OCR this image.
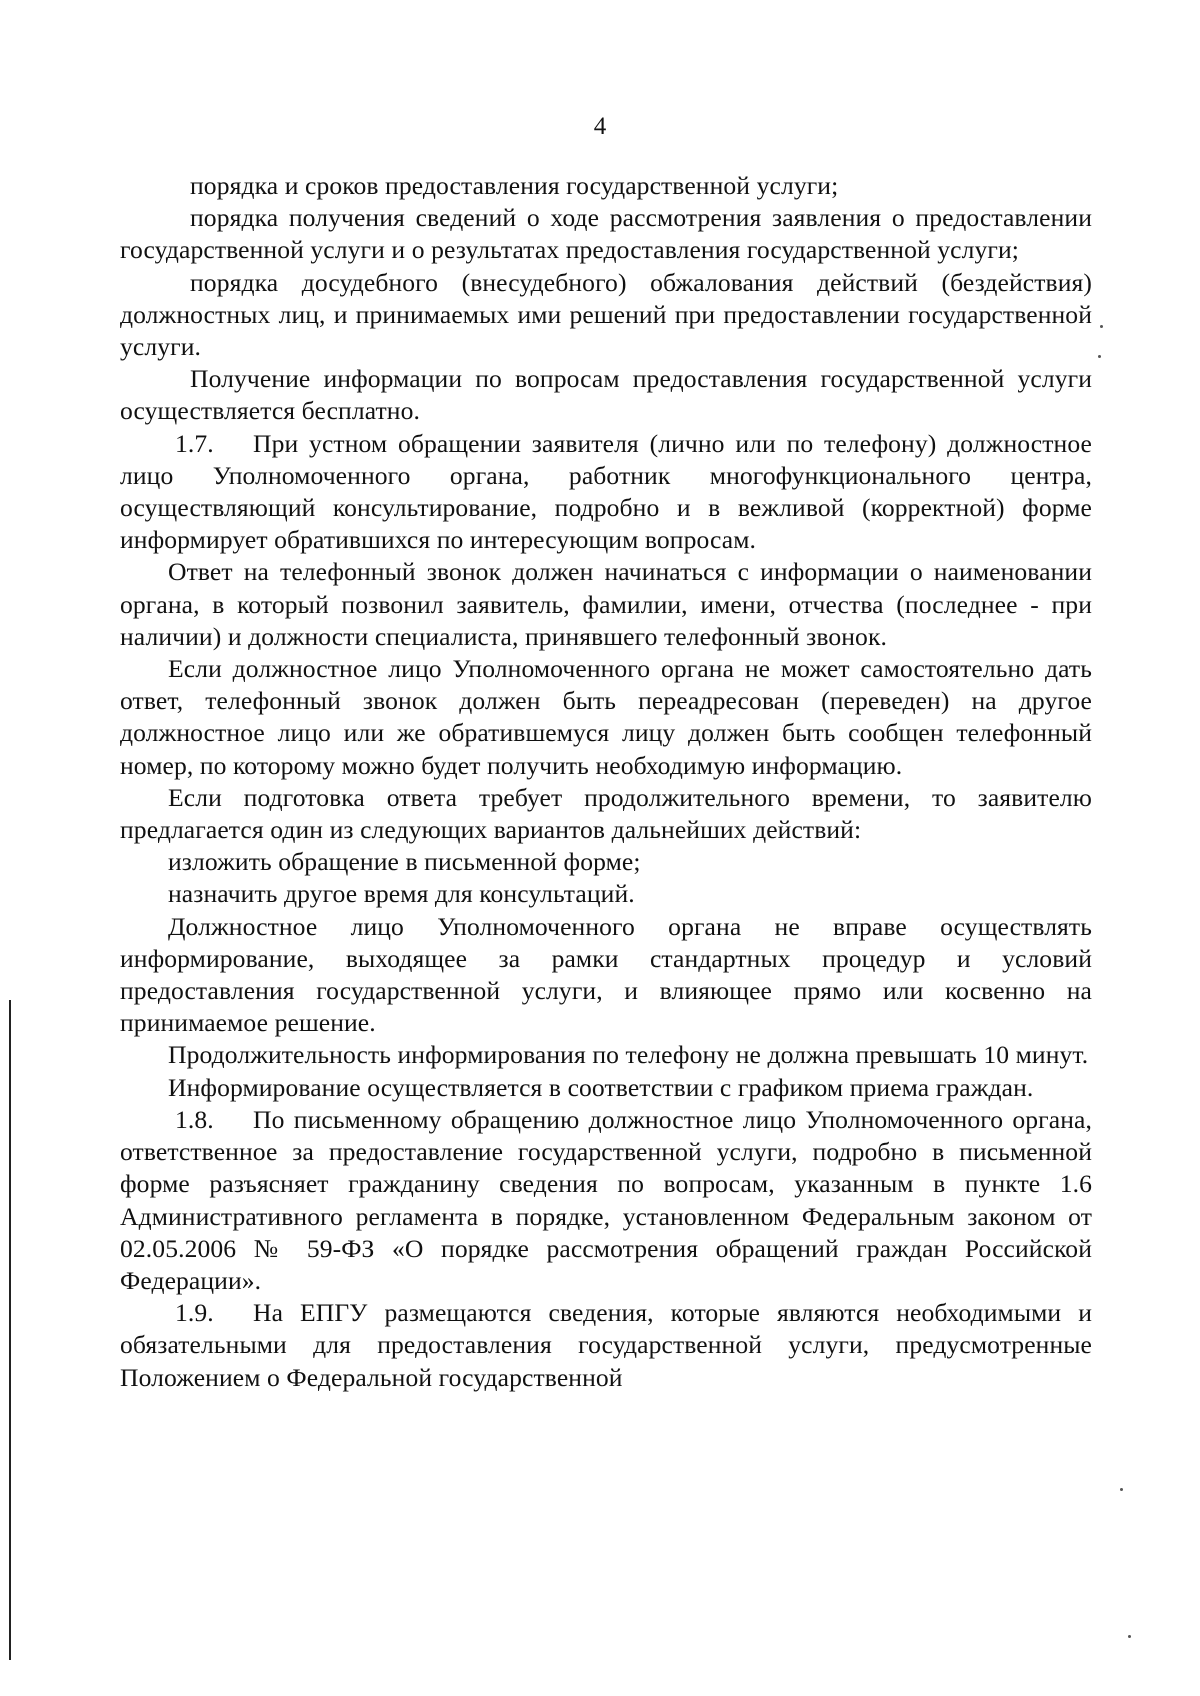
4

порядка и сроков предоставления государственной услуги;

порядка получения сведений о ходе рассмотрения заявления о предоставлении государственной услуги и о результатах предоставления государственной услуги;

порядка досудебного (внесудебного) обжалования действий (бездействия) должностных лиц, и принимаемых ими решений при предоставлении государственной услуги.

Получение информации по вопросам предоставления государственной услуги осуществляется бесплатно.

1.7. При устном обращении заявителя (лично или по телефону) должностное лицо Уполномоченного органа, работник многофункционального центра, осуществляющий консультирование, подробно и в вежливой (корректной) форме информирует обратившихся по интересующим вопросам.

Ответ на телефонный звонок должен начинаться с информации о наименовании органа, в который позвонил заявитель, фамилии, имени, отчества (последнее - при наличии) и должности специалиста, принявшего телефонный звонок.

Если должностное лицо Уполномоченного органа не может самостоятельно дать ответ, телефонный звонок должен быть переадресован (переведен) на другое должностное лицо или же обратившемуся лицу должен быть сообщен телефонный номер, по которому можно будет получить необходимую информацию.

Если подготовка ответа требует продолжительного времени, то заявителю предлагается один из следующих вариантов дальнейших действий:

изложить обращение в письменной форме;

назначить другое время для консультаций.

Должностное лицо Уполномоченного органа не вправе осуществлять информирование, выходящее за рамки стандартных процедур и условий предоставления государственной услуги, и влияющее прямо или косвенно на принимаемое решение.

Продолжительность информирования по телефону не должна превышать 10 минут.

Информирование осуществляется в соответствии с графиком приема граждан.

1.8. По письменному обращению должностное лицо Уполномоченного органа, ответственное за предоставление государственной услуги, подробно в письменной форме разъясняет гражданину сведения по вопросам, указанным в пункте 1.6 Административного регламента в порядке, установленном Федеральным законом от 02.05.2006 № 59-ФЗ «О порядке рассмотрения обращений граждан Российской Федерации».

1.9. На ЕПГУ размещаются сведения, которые являются необходимыми и обязательными для предоставления государственной услуги, предусмотренные Положением о Федеральной государственной
